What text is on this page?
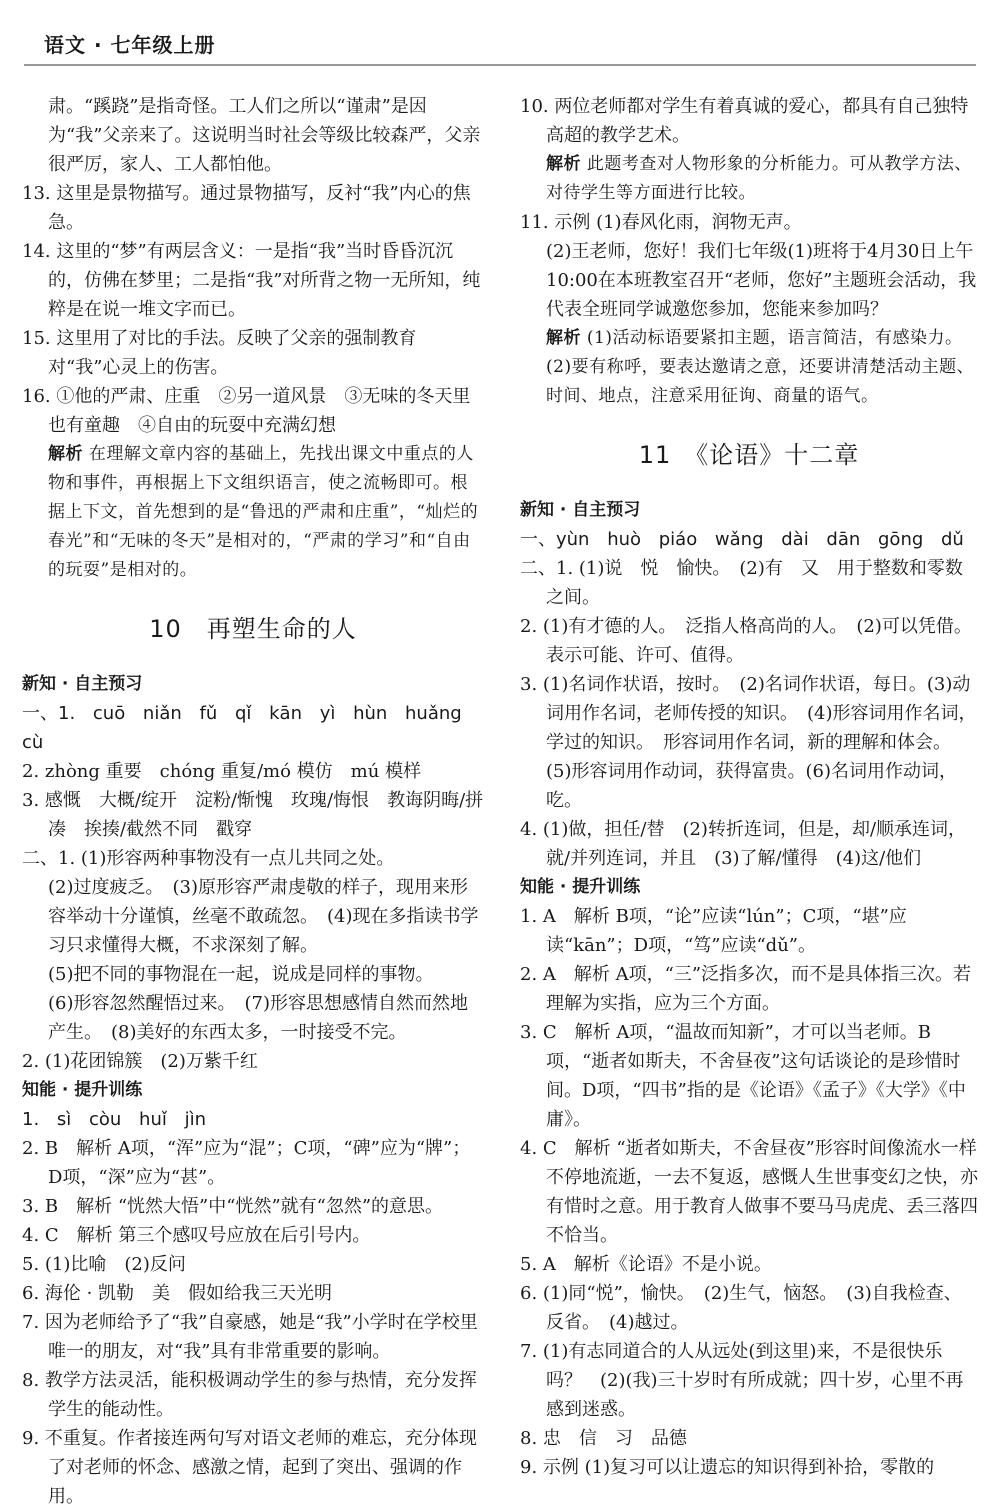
语文 · 七年级上册

肃。“蹊跷”是指奇怪。工人们之所以“谨肃”是因为“我”父亲来了。这说明当时社会等级比较森严，父亲很严厉，家人、工人都怕他。

13. 这里是景物描写。通过景物描写，反衬“我”内心的焦急。

14. 这里的“梦”有两层含义：一是指“我”当时昏昏沉沉的，仿佛在梦里；二是指“我”对所背之物一无所知，纯粹是在说一堆文字而已。

15. 这里用了对比的手法。反映了父亲的强制教育对“我”心灵上的伤害。

16. ①他的严肃、庄重　②另一道风景　③无味的冬天里也有童趣　④自由的玩耍中充满幻想

解析 在理解文章内容的基础上，先找出课文中重点的人物和事件，再根据上下文组织语言，使之流畅即可。根据上下文，首先想到的是“鲁迅的严肃和庄重”，“灿烂的春光”和“无味的冬天”是相对的，“严肃的学习”和“自由的玩耍”是相对的。

10　再塑生命的人
新知 · 自主预习

一、1. cuō niǎn fǔ qǐ kān yì hùn huǎng cù

2. zhòng 重要　chóng 重复/mó 模仿　mú 模样

3. 感慨　大概/绽开　淀粉/惭愧　玫瑰/悔恨　教诲阴晦/拼凑　挨揍/截然不同　戳穿

二、1. (1)形容两种事物没有一点儿共同之处。

(2)过度疲乏。　(3)原形容严肃虔敬的样子，现用来形容举动十分谨慎，丝毫不敢疏忽。　(4)现在多指读书学习只求懂得大概，不求深刻了解。

(5)把不同的事物混在一起，说成是同样的事物。

(6)形容忽然醒悟过来。　(7)形容思想感情自然而然地产生。　(8)美好的东西太多，一时接受不完。

2. (1)花团锦簇　(2)万紫千红

知能 · 提升训练

1. sì còu huǐ jìn

2. B　解析 A项，“浑”应为“混”；C项，“碑”应为“牌”；D项，“深”应为“甚”。

3. B　解析 “恍然大悟”中“恍然”就有“忽然”的意思。

4. C　解析 第三个感叹号应放在后引号内。

5. (1)比喻　(2)反问

6. 海伦 · 凯勒　美　假如给我三天光明

7. 因为老师给予了“我”自豪感，她是“我”小学时在学校里唯一的朋友，对“我”具有非常重要的影响。

8. 教学方法灵活，能积极调动学生的参与热情，充分发挥学生的能动性。

9. 不重复。作者接连两句写对语文老师的难忘，充分体现了对老师的怀念、感激之情，起到了突出、强调的作用。

10. 两位老师都对学生有着真诚的爱心，都具有自己独特高超的教学艺术。

解析 此题考查对人物形象的分析能力。可从教学方法、对待学生等方面进行比较。

11. 示例 (1)春风化雨，润物无声。

(2)王老师，您好！我们七年级(1)班将于4月30日上午10:00在本班教室召开“老师，您好”主题班会活动，我代表全班同学诚邀您参加，您能来参加吗？

解析 (1)活动标语要紧扣主题，语言简洁，有感染力。(2)要有称呼，要表达邀请之意，还要讲清楚活动主题、时间、地点，注意采用征询、商量的语气。

11　《论语》十二章
新知 · 自主预习

一、yùn huò piáo wǎng dài dān gōng dǔ

二、1. (1)说　悦　愉快。　(2)有　又　用于整数和零数之间。

2. (1)有才德的人。　泛指人格高尚的人。　(2)可以凭借。　表示可能、许可、值得。

3. (1)名词作状语，按时。　(2)名词作状语，每日。(3)动词用作名词，老师传授的知识。　(4)形容词用作名词，学过的知识。　形容词用作名词，新的理解和体会。　(5)形容词用作动词，获得富贵。(6)名词用作动词，吃。

4. (1)做，担任/替　(2)转折连词，但是，却/顺承连词，就/并列连词，并且　(3)了解/懂得　(4)这/他们

知能 · 提升训练

1. A　解析 B项，“论”应读“lún”；C项，“堪”应读“kān”；D项，“笃”应读“dǔ”。

2. A　解析 A项，“三”泛指多次，而不是具体指三次。若理解为实指，应为三个方面。

3. C　解析 A项，“温故而知新”，才可以当老师。B项，“逝者如斯夫，不舍昼夜”这句话谈论的是珍惜时间。D项，“四书”指的是《论语》《孟子》《大学》《中庸》。

4. C　解析 “逝者如斯夫，不舍昼夜”形容时间像流水一样不停地流逝，一去不复返，感慨人生世事变幻之快，亦有惜时之意。用于教育人做事不要马马虎虎、丢三落四不恰当。

5. A　解析《论语》不是小说。

6. (1)同“悦”，愉快。　(2)生气，恼怒。　(3)自我检查、反省。　(4)越过。

7. (1)有志同道合的人从远处(到这里)来，不是很快乐吗？　(2)(我)三十岁时有所成就；四十岁，心里不再感到迷惑。

8. 忠　信　习　品德

9. 示例 (1)复习可以让遗忘的知识得到补拾，零散的
